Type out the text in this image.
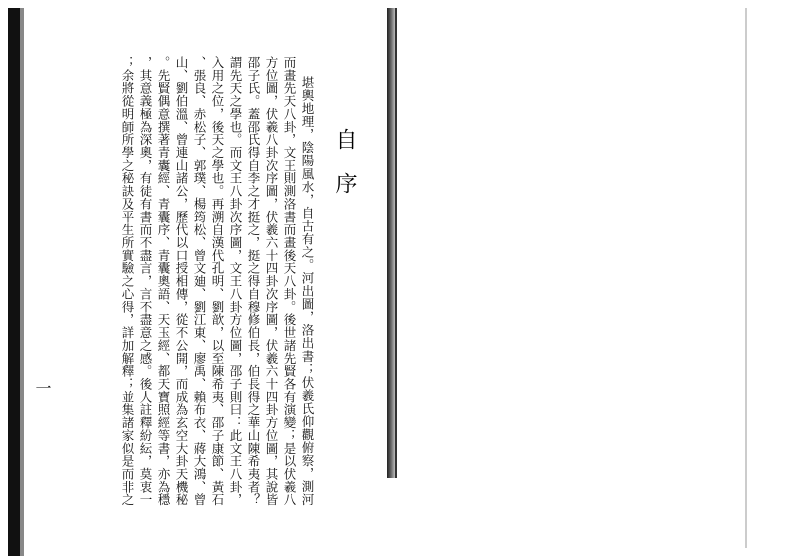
自序
堪輿地理，陰陽風水，自古有之。河出圖，洛出書；伏羲氏仰觀俯察，測河
而畫先天八卦，文王則測洛書而畫後天八卦。後世諸先賢各有演變；是以伏羲八
方位圖，伏羲八卦次序圖，伏羲六十四卦次序圖，伏羲六十四卦方位圖，其說皆
邵子氏。蓋邵氏得自李之才挺之，挺之得自穆修伯長，伯長得之華山陳希夷者？
謂先天之學也。而文王八卦次序圖，文王八卦方位圖，邵子則曰：此文王八卦，
入用之位，後天之學也。再溯自漢代孔明、劉歆，以至陳希夷、邵子康節、黃石
、張良、赤松子、郭璞、楊筠松、曾文廸、劉江東、廖禹、賴布衣、蔣大鴻、曾
山、劉伯溫、曾連山諸公，歷代以口授相傳，從不公開，而成為玄空大卦天機秘
。先賢偶意撰著青囊經、青囊序、青囊奧語、天玉經、都天寶照經等書，亦為穩
，其意義極為深奧，有徒有書而不盡言，言不盡意之感。後人註釋紛紜，莫衷一
；余將從明師所學之秘訣及平生所實驗之心得，詳加解釋；並集諸家似是而非之
一
